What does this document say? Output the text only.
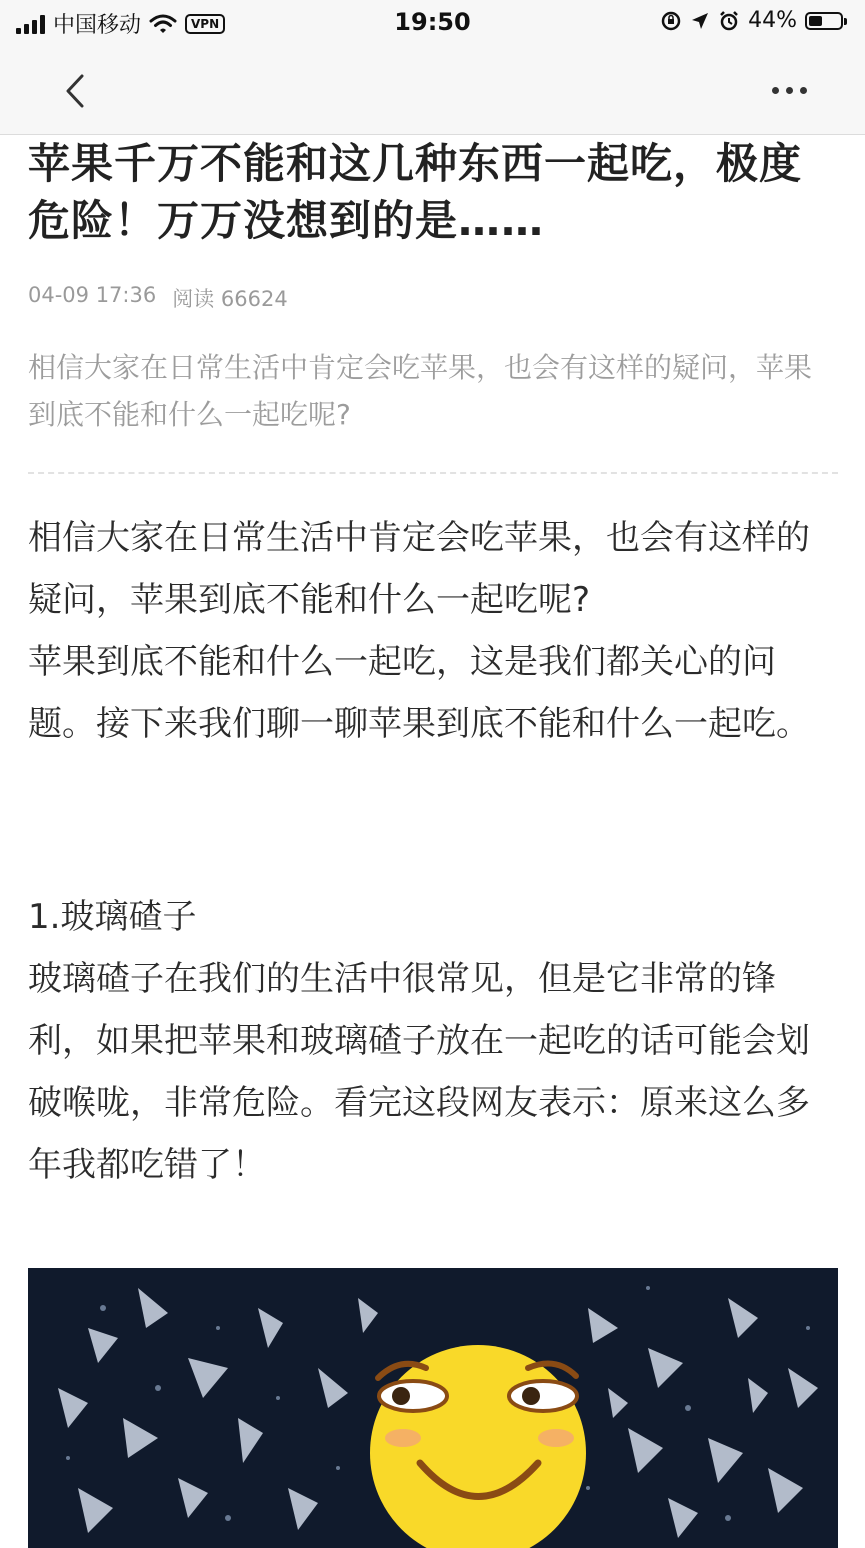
中国移动	VPN	19:50	44%
苹果千万不能和这几种东西一起吃，极度危险！万万没想到的是……
04-09 17:36 阅读 66624
相信大家在日常生活中肯定会吃苹果，也会有这样的疑问，苹果到底不能和什么一起吃呢?
相信大家在日常生活中肯定会吃苹果，也会有这样的疑问，苹果到底不能和什么一起吃呢?
苹果到底不能和什么一起吃，这是我们都关心的问题。接下来我们聊一聊苹果到底不能和什么一起吃。
1.玻璃碴子
玻璃碴子在我们的生活中很常见，但是它非常的锋利，如果把苹果和玻璃碴子放在一起吃的话可能会划破喉咙，非常危险。看完这段网友表示：原来这么多年我都吃错了！
